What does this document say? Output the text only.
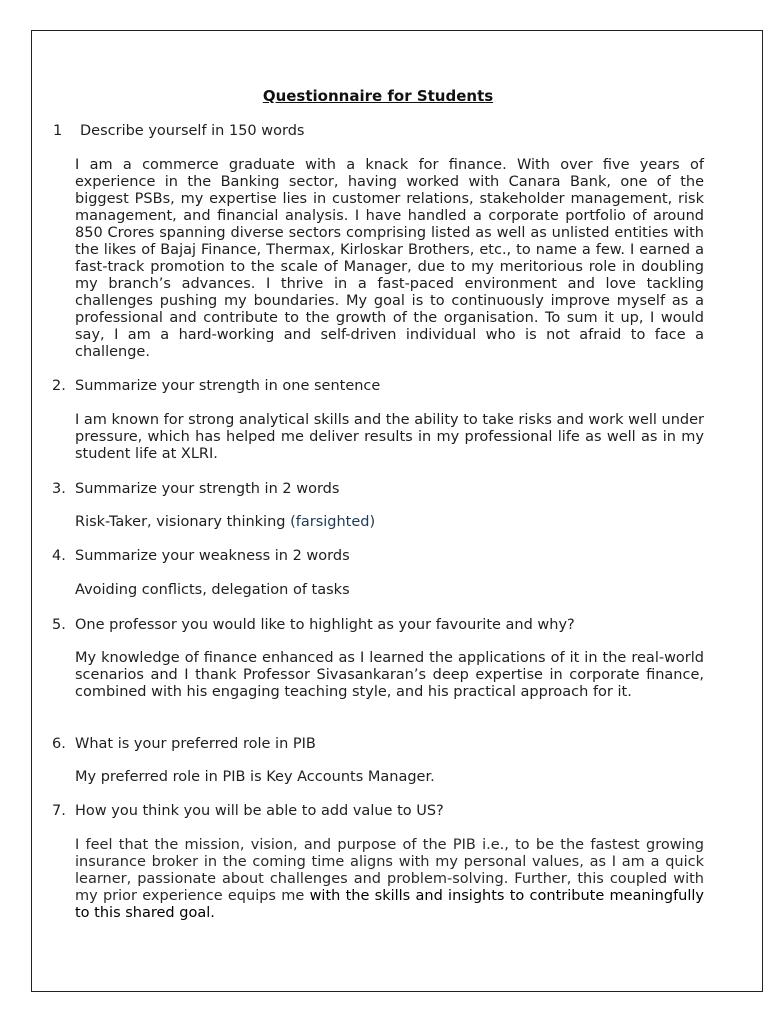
Questionnaire for Students
1 Describe yourself in 150 words
I am a commerce graduate with a knack for finance. With over five years of experience in the Banking sector, having worked with Canara Bank, one of the biggest PSBs, my expertise lies in customer relations, stakeholder management, risk management, and financial analysis. I have handled a corporate portfolio of around 850 Crores spanning diverse sectors comprising listed as well as unlisted entities with the likes of Bajaj Finance, Thermax, Kirloskar Brothers, etc., to name a few. I earned a fast-track promotion to the scale of Manager, due to my meritorious role in doubling my branch’s advances. I thrive in a fast-paced environment and love tackling challenges pushing my boundaries. My goal is to continuously improve myself as a professional and contribute to the growth of the organisation. To sum it up, I would say, I am a hard-working and self-driven individual who is not afraid to face a challenge.
2. Summarize your strength in one sentence
I am known for strong analytical skills and the ability to take risks and work well under pressure, which has helped me deliver results in my professional life as well as in my student life at XLRI.
3. Summarize your strength in 2 words
Risk-Taker, visionary thinking (farsighted)
4. Summarize your weakness in 2 words
Avoiding conflicts, delegation of tasks
5. One professor you would like to highlight as your favourite and why?
My knowledge of finance enhanced as I learned the applications of it in the real-world scenarios and I thank Professor Sivasankaran’s deep expertise in corporate finance, combined with his engaging teaching style, and his practical approach for it.
6. What is your preferred role in PIB
My preferred role in PIB is Key Accounts Manager.
7. How you think you will be able to add value to US?
I feel that the mission, vision, and purpose of the PIB i.e., to be the fastest growing insurance broker in the coming time aligns with my personal values, as I am a quick learner, passionate about challenges and problem-solving. Further, this coupled with my prior experience equips me with the skills and insights to contribute meaningfully to this shared goal.
